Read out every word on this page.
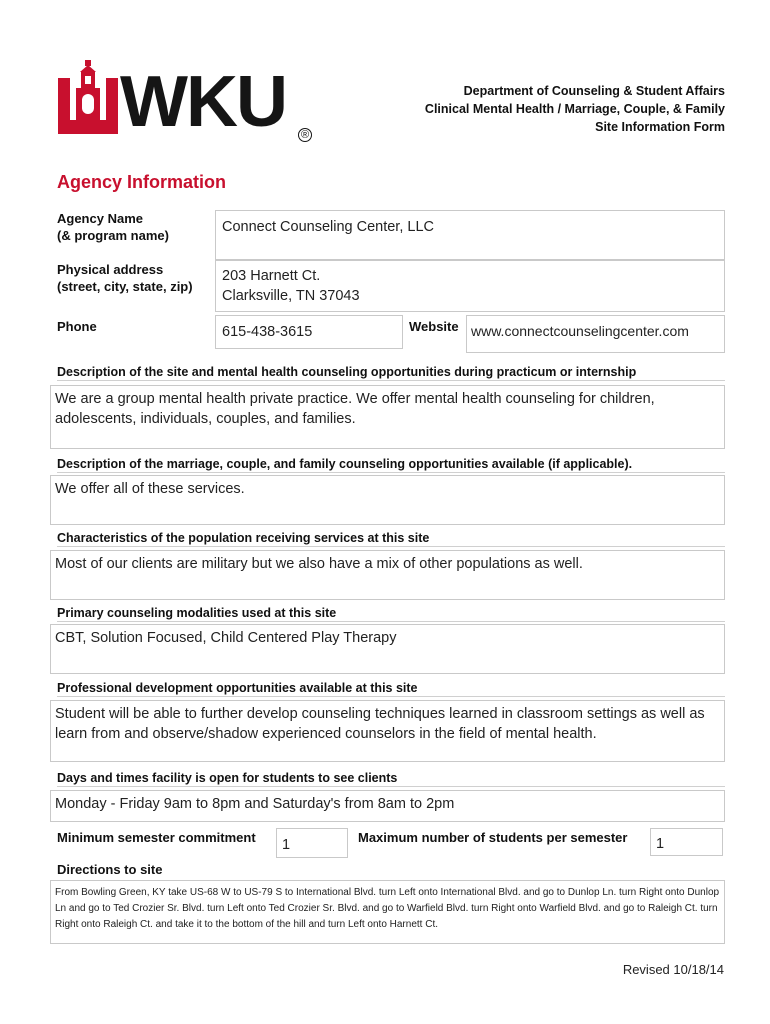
WKU ®
Department of Counseling & Student Affairs
Clinical Mental Health / Marriage, Couple, & Family
Site Information Form
Agency Information
Agency Name
(& program name)
Connect Counseling Center, LLC
Physical address
(street, city, state, zip)
203 Harnett Ct.
Clarksville, TN 37043
Phone	615-438-3615	Website www.connectcounselingcenter.com
Description of the site and mental health counseling opportunities during practicum or internship
We are a group mental health private practice. We offer mental health counseling for children, adolescents, individuals, couples, and families.
Description of the marriage, couple, and family counseling opportunities available (if applicable).
We offer all of these services.
Characteristics of the population receiving services at this site
Most of our clients are military but we also have a mix of other populations as well.
Primary counseling modalities used at this site
CBT, Solution Focused, Child Centered Play Therapy
Professional development opportunities available at this site
Student will be able to further develop counseling techniques learned in classroom settings as well as learn from and observe/shadow experienced counselors in the field of mental health.
Days and times facility is open for students to see clients
Monday - Friday 9am to 8pm and Saturday's from 8am to 2pm
Minimum semester commitment 1	Maximum number of students per semester 1
Directions to site
From Bowling Green, KY take US-68 W to US-79 S to International Blvd. turn Left onto International Blvd. and go to Dunlop Ln. turn Right onto Dunlop Ln and go to Ted Crozier Sr. Blvd. turn Left onto Ted Crozier Sr. Blvd. and go to Warfield Blvd. turn Right onto Warfield Blvd. and go to Raleigh Ct. turn Right onto Raleigh Ct. and take it to the bottom of the hill and turn Left onto Harnett Ct.
Revised 10/18/14
